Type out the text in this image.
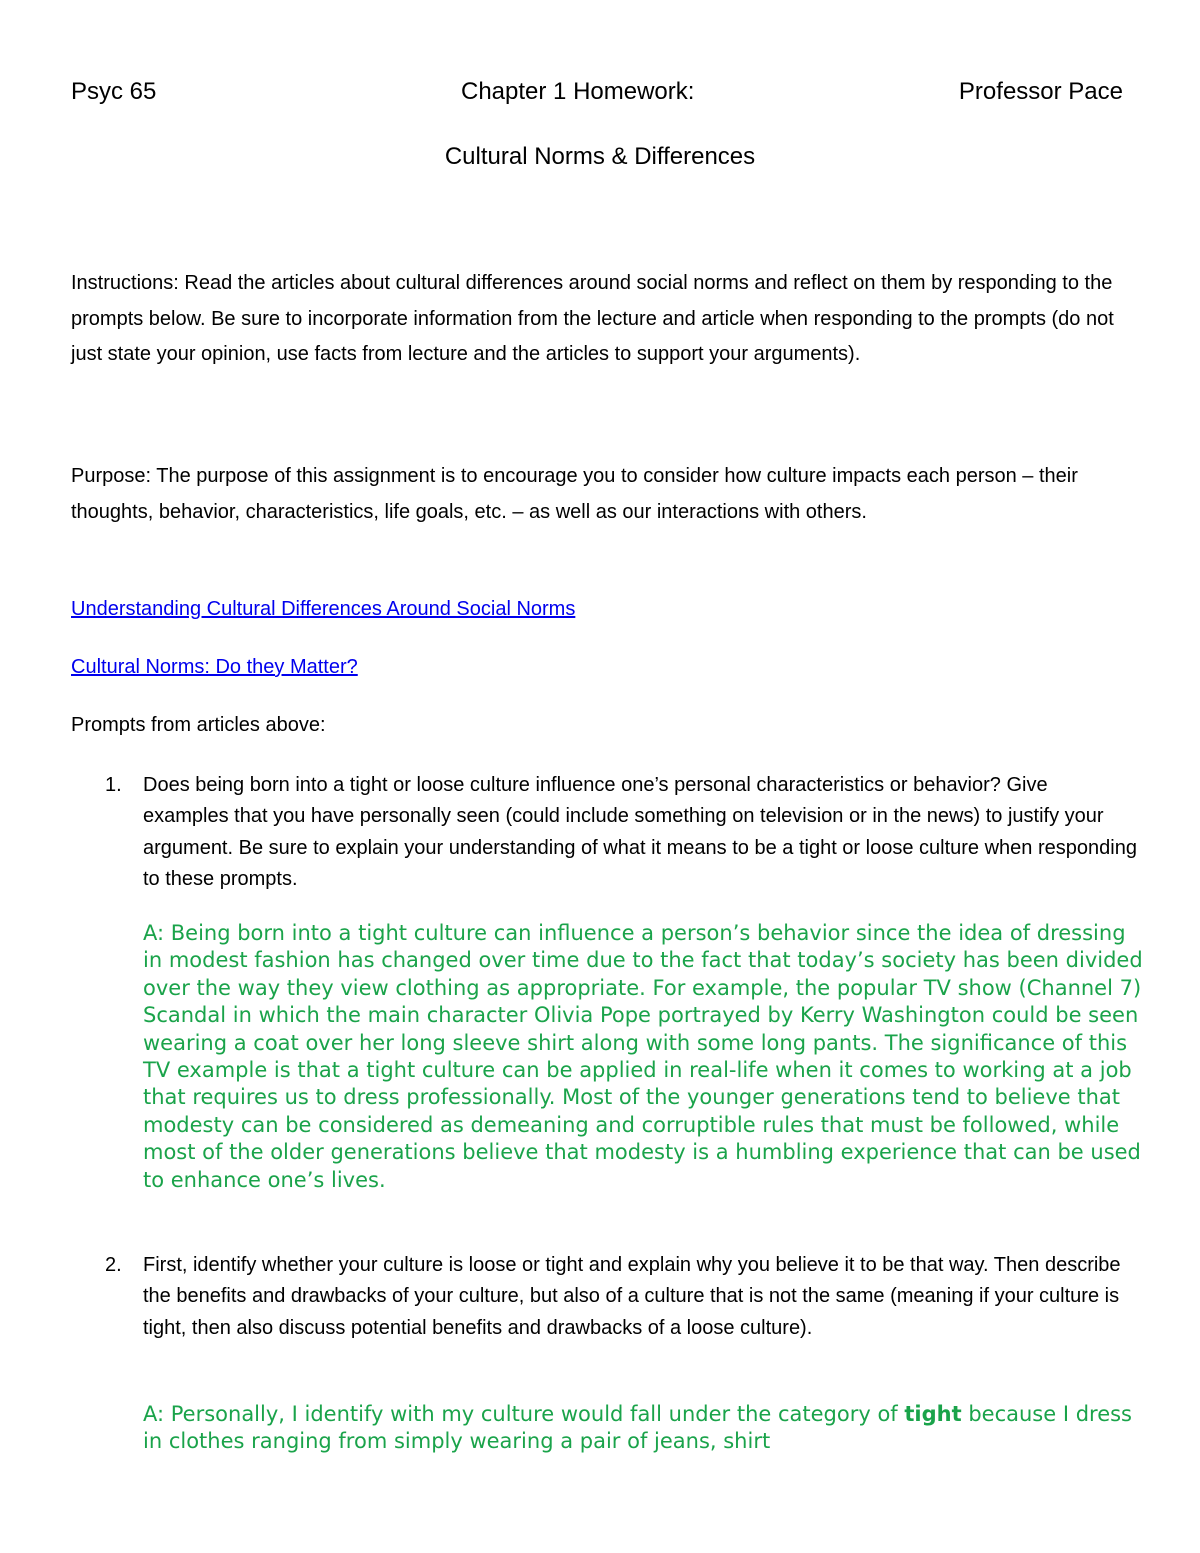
Psyc 65	Chapter 1 Homework:	Professor Pace
Cultural Norms & Differences

Instructions: Read the articles about cultural differences around social norms and reflect on them by responding to the prompts below. Be sure to incorporate information from the lecture and article when responding to the prompts (do not just state your opinion, use facts from lecture and the articles to support your arguments).

Purpose: The purpose of this assignment is to encourage you to consider how culture impacts each person – their thoughts, behavior, characteristics, life goals, etc. – as well as our interactions with others.

Understanding Cultural Differences Around Social Norms
Cultural Norms: Do they Matter?
Prompts from articles above:
1. Does being born into a tight or loose culture influence one’s personal characteristics or behavior? Give examples that you have personally seen (could include something on television or in the news) to justify your argument. Be sure to explain your understanding of what it means to be a tight or loose culture when responding to these prompts.

A: Being born into a tight culture can influence a person’s behavior since the idea of dressing in modest fashion has changed over time due to the fact that today’s society has been divided over the way they view clothing as appropriate. For example, the popular TV show (Channel 7) Scandal in which the main character Olivia Pope portrayed by Kerry Washington could be seen wearing a coat over her long sleeve shirt along with some long pants. The significance of this TV example is that a tight culture can be applied in real-life when it comes to working at a job that requires us to dress professionally. Most of the younger generations tend to believe that modesty can be considered as demeaning and corruptible rules that must be followed, while most of the older generations believe that modesty is a humbling experience that can be used to enhance one’s lives.

2. First, identify whether your culture is loose or tight and explain why you believe it to be that way. Then describe the benefits and drawbacks of your culture, but also of a culture that is not the same (meaning if your culture is tight, then also discuss potential benefits and drawbacks of a loose culture).

A: Personally, I identify with my culture would fall under the category of tight because I dress in clothes ranging from simply wearing a pair of jeans, shirt
